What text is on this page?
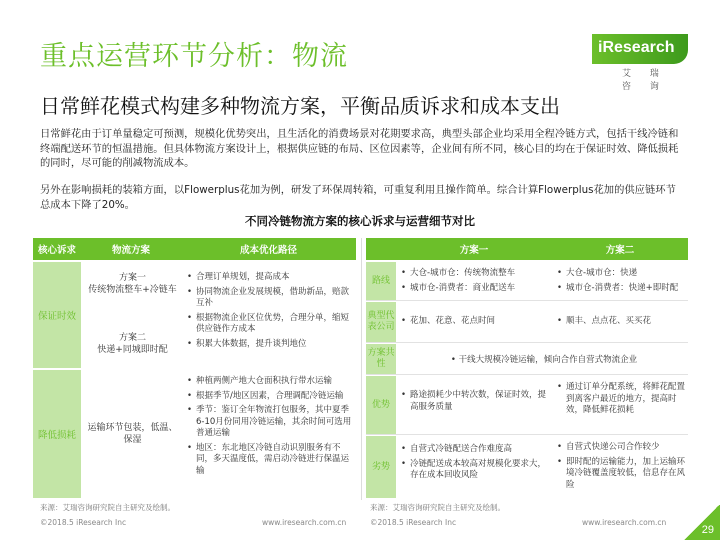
重点运营环节分析：物流	iResearch
艾 瑞 咨 询
日常鲜花模式构建多种物流方案，平衡品质诉求和成本支出
日常鲜花由于订单量稳定可预测，规模化优势突出，且生活化的消费场景对花期要求高，典型头部企业均采用全程冷链方式，包括干线冷链和终端配送环节的恒温措施。但具体物流方案设计上，根据供应链的布局、区位因素等，企业间有所不同，核心目的均在于保证时效、降低损耗的同时，尽可能的削减物流成本。
另外在影响损耗的装箱方面，以Flowerplus花加为例，研发了环保周转箱，可重复利用且操作简单。综合计算Flowerplus花加的供应链环节总成本下降了20%。
不同冷链物流方案的核心诉求与运营细节对比
核心诉求	物流方案	成本优化路径
保证时效
方案一
传统物流整车+冷链车
方案二
快递+同城即时配
• 合理订单规划，提高成本
• 协同物流企业发展规模，借助新品，赔款互补
• 根据物流企业区位优势，合理分单，缩短供应链作方成本
• 积累大体数据，提升谈判地位
降低损耗
运输环节包装，低温、保湿
• 种植两侧产地大仓面积执行带水运输
• 根据季节/地区因素，合理调配冷链运输
• 季节：鉴订全年物流打包服务，其中夏季6-10月份同用冷链运输，其余时间可选用普通运输
• 地区：东北地区冷链自动识别服务有不同，多天温度低，需启动冷链进行保温运输
方案一	方案二
路线
• 大仓-城市仓：传统物流整车
• 城市仓-消费者：商业配送车
• 大仓-城市仓：快递
• 城市仓-消费者：快递+即时配
典型代表公司
• 花加、花意、花点时间
•	顺丰、点点花、买买花
方案共性	• 干线大规模冷链运输，倾向合作自营式物流企业
优势
• 路途损耗少中转次数，保证时效，提高服务质量
• 通过订单分配系统，将鲜花配置到离客户最近的地方，提高时效，降低鲜花损耗
劣势
• 自营式冷链配送合作难度高
• 冷链配送成本较高对规模化要求大，存在成本回收风险
• 自营式快递公司合作较少
• 即时配的运输能力，加上运输环境冷链覆盖度较低，信息存在风险
来源：艾瑞咨询研究院自主研究及绘制。	来源：艾瑞咨询研究院自主研究及绘制。
©2018.5 iResearch Inc	www.iresearch.com.cn	©2018.5 iResearch Inc	www.iresearch.com.cn
29
